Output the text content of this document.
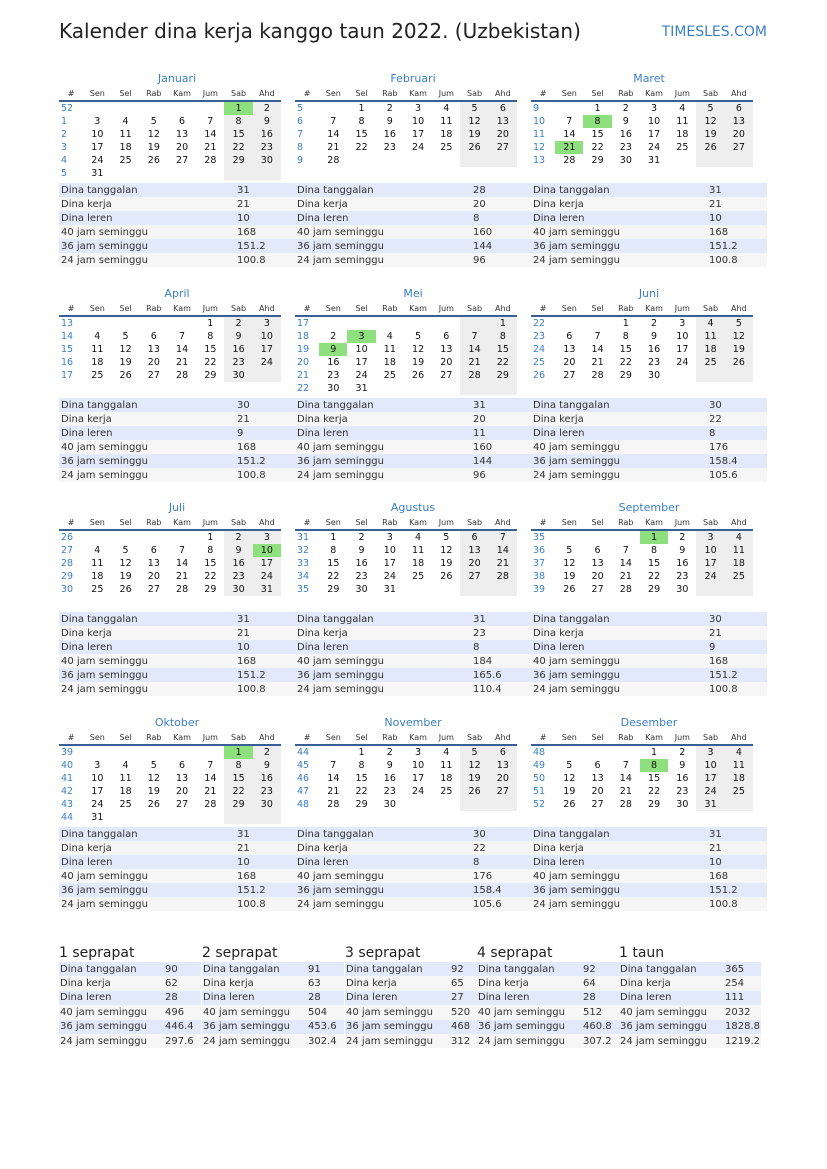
Kalender dina kerja kanggo taun 2022. (Uzbekistan)	TIMESLES.COM
Januari
#	Sen	Sel	Rab	Kam	Jum	Sab	Ahd
52						1	2
1	3	4	5	6	7	8	9
2	10	11	12	13	14	15	16
3	17	18	19	20	21	22	23
4	24	25	26	27	28	29	30
5	31						
Dina tanggalan	31
Dina kerja	21
Dina leren	10
40 jam seminggu	168
36 jam seminggu	151.2
24 jam seminggu	100.8
Februari
#	Sen	Sel	Rab	Kam	Jum	Sab	Ahd
5		1	2	3	4	5	6
6	7	8	9	10	11	12	13
7	14	15	16	17	18	19	20
8	21	22	23	24	25	26	27
9	28						
Dina tanggalan	28
Dina kerja	20
Dina leren	8
40 jam seminggu	160
36 jam seminggu	144
24 jam seminggu	96
Maret
#	Sen	Sel	Rab	Kam	Jum	Sab	Ahd
9		1	2	3	4	5	6
10	7	8	9	10	11	12	13
11	14	15	16	17	18	19	20
12	21	22	23	24	25	26	27
13	28	29	30	31			
Dina tanggalan	31
Dina kerja	21
Dina leren	10
40 jam seminggu	168
36 jam seminggu	151.2
24 jam seminggu	100.8
April
#	Sen	Sel	Rab	Kam	Jum	Sab	Ahd
13					1	2	3
14	4	5	6	7	8	9	10
15	11	12	13	14	15	16	17
16	18	19	20	21	22	23	24
17	25	26	27	28	29	30	
Dina tanggalan	30
Dina kerja	21
Dina leren	9
40 jam seminggu	168
36 jam seminggu	151.2
24 jam seminggu	100.8
Mei
#	Sen	Sel	Rab	Kam	Jum	Sab	Ahd
17							1
18	2	3	4	5	6	7	8
19	9	10	11	12	13	14	15
20	16	17	18	19	20	21	22
21	23	24	25	26	27	28	29
22	30	31					
Dina tanggalan	31
Dina kerja	20
Dina leren	11
40 jam seminggu	160
36 jam seminggu	144
24 jam seminggu	96
Juni
#	Sen	Sel	Rab	Kam	Jum	Sab	Ahd
22			1	2	3	4	5
23	6	7	8	9	10	11	12
24	13	14	15	16	17	18	19
25	20	21	22	23	24	25	26
26	27	28	29	30			
Dina tanggalan	30
Dina kerja	22
Dina leren	8
40 jam seminggu	176
36 jam seminggu	158.4
24 jam seminggu	105.6
Juli
#	Sen	Sel	Rab	Kam	Jum	Sab	Ahd
26					1	2	3
27	4	5	6	7	8	9	10
28	11	12	13	14	15	16	17
29	18	19	20	21	22	23	24
30	25	26	27	28	29	30	31
Dina tanggalan	31
Dina kerja	21
Dina leren	10
40 jam seminggu	168
36 jam seminggu	151.2
24 jam seminggu	100.8
Agustus
#	Sen	Sel	Rab	Kam	Jum	Sab	Ahd
31	1	2	3	4	5	6	7
32	8	9	10	11	12	13	14
33	15	16	17	18	19	20	21
34	22	23	24	25	26	27	28
35	29	30	31				
Dina tanggalan	31
Dina kerja	23
Dina leren	8
40 jam seminggu	184
36 jam seminggu	165.6
24 jam seminggu	110.4
September
#	Sen	Sel	Rab	Kam	Jum	Sab	Ahd
35				1	2	3	4
36	5	6	7	8	9	10	11
37	12	13	14	15	16	17	18
38	19	20	21	22	23	24	25
39	26	27	28	29	30		
Dina tanggalan	30
Dina kerja	21
Dina leren	9
40 jam seminggu	168
36 jam seminggu	151.2
24 jam seminggu	100.8
Oktober
#	Sen	Sel	Rab	Kam	Jum	Sab	Ahd
39						1	2
40	3	4	5	6	7	8	9
41	10	11	12	13	14	15	16
42	17	18	19	20	21	22	23
43	24	25	26	27	28	29	30
44	31						
Dina tanggalan	31
Dina kerja	21
Dina leren	10
40 jam seminggu	168
36 jam seminggu	151.2
24 jam seminggu	100.8
November
#	Sen	Sel	Rab	Kam	Jum	Sab	Ahd
44		1	2	3	4	5	6
45	7	8	9	10	11	12	13
46	14	15	16	17	18	19	20
47	21	22	23	24	25	26	27
48	28	29	30				
Dina tanggalan	30
Dina kerja	22
Dina leren	8
40 jam seminggu	176
36 jam seminggu	158.4
24 jam seminggu	105.6
Desember
#	Sen	Sel	Rab	Kam	Jum	Sab	Ahd
48				1	2	3	4
49	5	6	7	8	9	10	11
50	12	13	14	15	16	17	18
51	19	20	21	22	23	24	25
52	26	27	28	29	30	31	
Dina tanggalan	31
Dina kerja	21
Dina leren	10
40 jam seminggu	168
36 jam seminggu	151.2
24 jam seminggu	100.8
1 seprapat
Dina tanggalan	90
Dina kerja	62
Dina leren	28
40 jam seminggu	496
36 jam seminggu	446.4
24 jam seminggu	297.6
2 seprapat
Dina tanggalan	91
Dina kerja	63
Dina leren	28
40 jam seminggu	504
36 jam seminggu	453.6
24 jam seminggu	302.4
3 seprapat
Dina tanggalan	92
Dina kerja	65
Dina leren	27
40 jam seminggu	520
36 jam seminggu	468
24 jam seminggu	312
4 seprapat
Dina tanggalan	92
Dina kerja	64
Dina leren	28
40 jam seminggu	512
36 jam seminggu	460.8
24 jam seminggu	307.2
1 taun
Dina tanggalan	365
Dina kerja	254
Dina leren	111
40 jam seminggu	2032
36 jam seminggu	1828.8
24 jam seminggu	1219.2
